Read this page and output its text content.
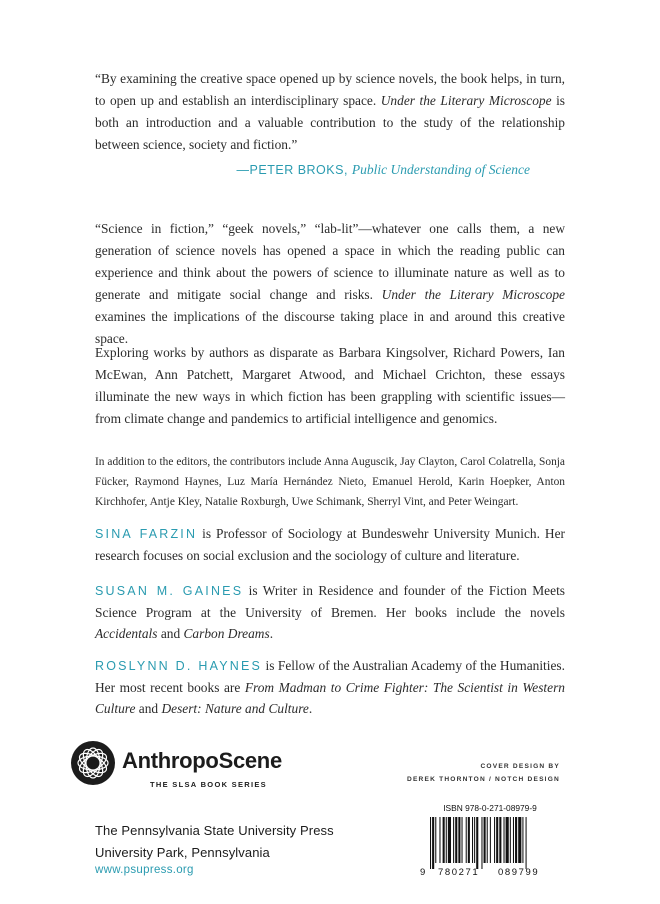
“By examining the creative space opened up by science novels, the book helps, in turn, to open up and establish an interdisciplinary space. Under the Literary Microscope is both an introduction and a valuable contribution to the study of the relationship between science, society and fiction.”

—PETER BROKS, Public Understanding of Science

“Science in fiction,” “geek novels,” “lab-lit”—whatever one calls them, a new generation of science novels has opened a space in which the reading public can experience and think about the powers of science to illuminate nature as well as to generate and mitigate social change and risks. Under the Literary Microscope examines the implications of the discourse taking place in and around this creative space.

Exploring works by authors as disparate as Barbara Kingsolver, Richard Powers, Ian McEwan, Ann Patchett, Margaret Atwood, and Michael Crichton, these essays illuminate the new ways in which fiction has been grappling with scientific issues—from climate change and pandemics to artificial intelligence and genomics.

In addition to the editors, the contributors include Anna Auguscik, Jay Clayton, Carol Colatrella, Sonja Fücker, Raymond Haynes, Luz María Hernández Nieto, Emanuel Herold, Karin Hoepker, Anton Kirchhofer, Antje Kley, Natalie Roxburgh, Uwe Schimank, Sherryl Vint, and Peter Weingart.
SINA FARZIN is Professor of Sociology at Bundeswehr University Munich. Her research focuses on social exclusion and the sociology of culture and literature.
SUSAN M. GAINES is Writer in Residence and founder of the Fiction Meets Science Program at the University of Bremen. Her books include the novels Accidentals and Carbon Dreams.
ROSLYNN D. HAYNES is Fellow of the Australian Academy of the Humanities. Her most recent books are From Madman to Crime Fighter: The Scientist in Western Culture and Desert: Nature and Culture.
AnthropoScene
THE SLSA BOOK SERIES
COVER DESIGN BY
DEREK THORNTON / NOTCH DESIGN
The Pennsylvania State University Press
University Park, Pennsylvania
www.psupress.org
ISBN 978-0-271-08979-9
9 780271 089799
